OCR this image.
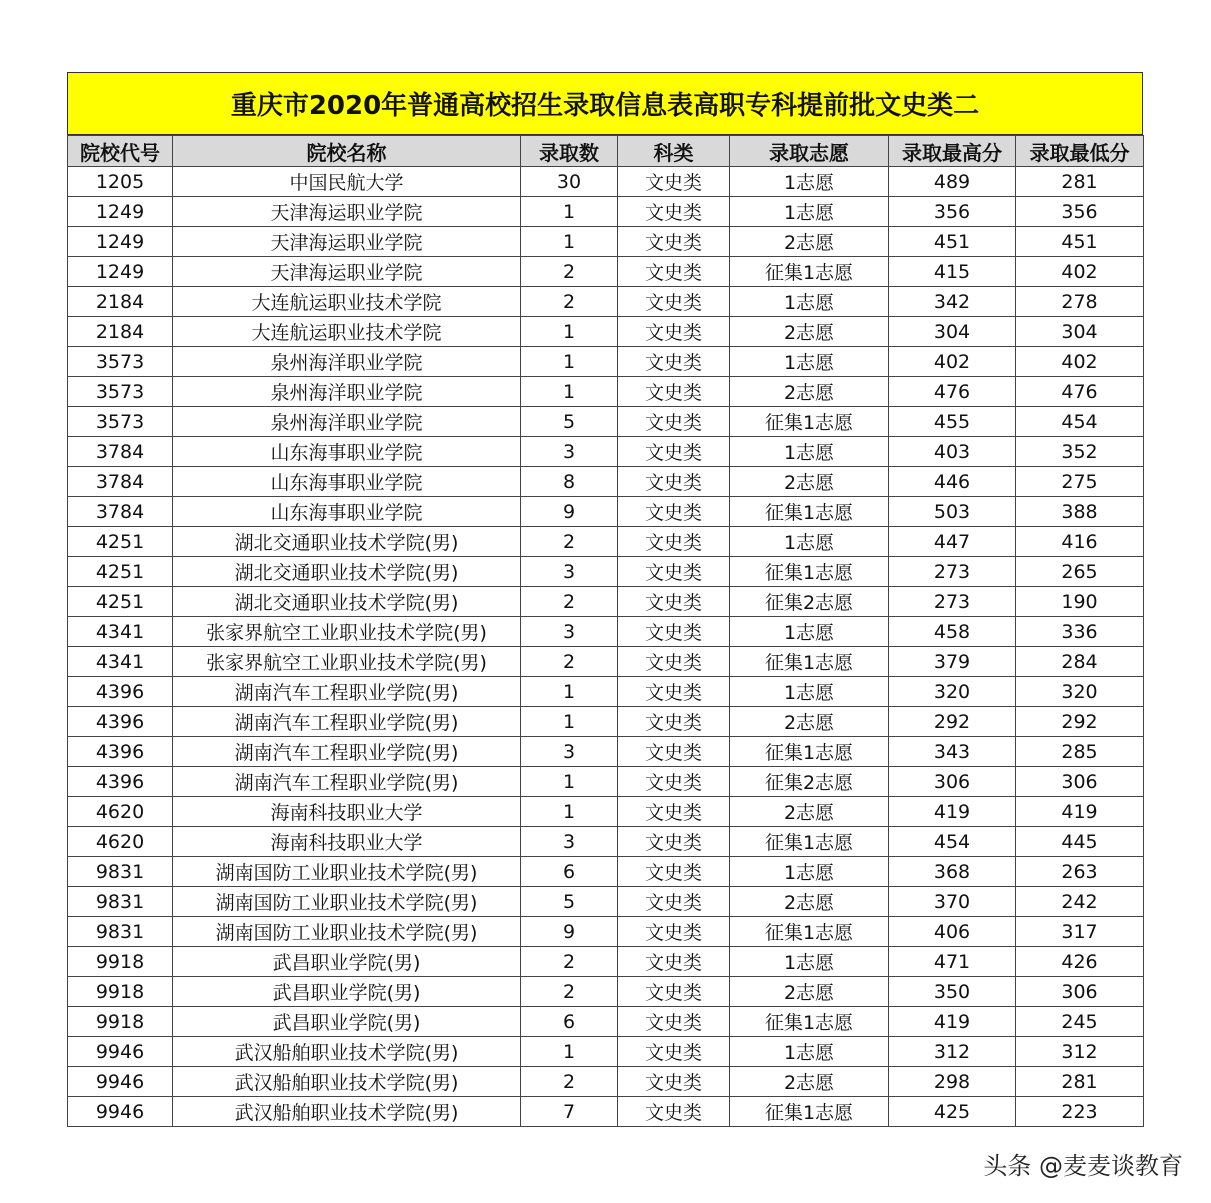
重庆市2020年普通高校招生录取信息表高职专科提前批文史类二
院校代号	院校名称	录取数	科类	录取志愿	录取最高分	录取最低分
1205	中国民航大学	30	文史类	1志愿	489	281
1249	天津海运职业学院	1	文史类	1志愿	356	356
1249	天津海运职业学院	1	文史类	2志愿	451	451
1249	天津海运职业学院	2	文史类	征集1志愿	415	402
2184	大连航运职业技术学院	2	文史类	1志愿	342	278
2184	大连航运职业技术学院	1	文史类	2志愿	304	304
3573	泉州海洋职业学院	1	文史类	1志愿	402	402
3573	泉州海洋职业学院	1	文史类	2志愿	476	476
3573	泉州海洋职业学院	5	文史类	征集1志愿	455	454
3784	山东海事职业学院	3	文史类	1志愿	403	352
3784	山东海事职业学院	8	文史类	2志愿	446	275
3784	山东海事职业学院	9	文史类	征集1志愿	503	388
4251	湖北交通职业技术学院(男)	2	文史类	1志愿	447	416
4251	湖北交通职业技术学院(男)	3	文史类	征集1志愿	273	265
4251	湖北交通职业技术学院(男)	2	文史类	征集2志愿	273	190
4341	张家界航空工业职业技术学院(男)	3	文史类	1志愿	458	336
4341	张家界航空工业职业技术学院(男)	2	文史类	征集1志愿	379	284
4396	湖南汽车工程职业学院(男)	1	文史类	1志愿	320	320
4396	湖南汽车工程职业学院(男)	1	文史类	2志愿	292	292
4396	湖南汽车工程职业学院(男)	3	文史类	征集1志愿	343	285
4396	湖南汽车工程职业学院(男)	1	文史类	征集2志愿	306	306
4620	海南科技职业大学	1	文史类	2志愿	419	419
4620	海南科技职业大学	3	文史类	征集1志愿	454	445
9831	湖南国防工业职业技术学院(男)	6	文史类	1志愿	368	263
9831	湖南国防工业职业技术学院(男)	5	文史类	2志愿	370	242
9831	湖南国防工业职业技术学院(男)	9	文史类	征集1志愿	406	317
9918	武昌职业学院(男)	2	文史类	1志愿	471	426
9918	武昌职业学院(男)	2	文史类	2志愿	350	306
9918	武昌职业学院(男)	6	文史类	征集1志愿	419	245
9946	武汉船舶职业技术学院(男)	1	文史类	1志愿	312	312
9946	武汉船舶职业技术学院(男)	2	文史类	2志愿	298	281
9946	武汉船舶职业技术学院(男)	7	文史类	征集1志愿	425	223
头条 @麦麦谈教育
